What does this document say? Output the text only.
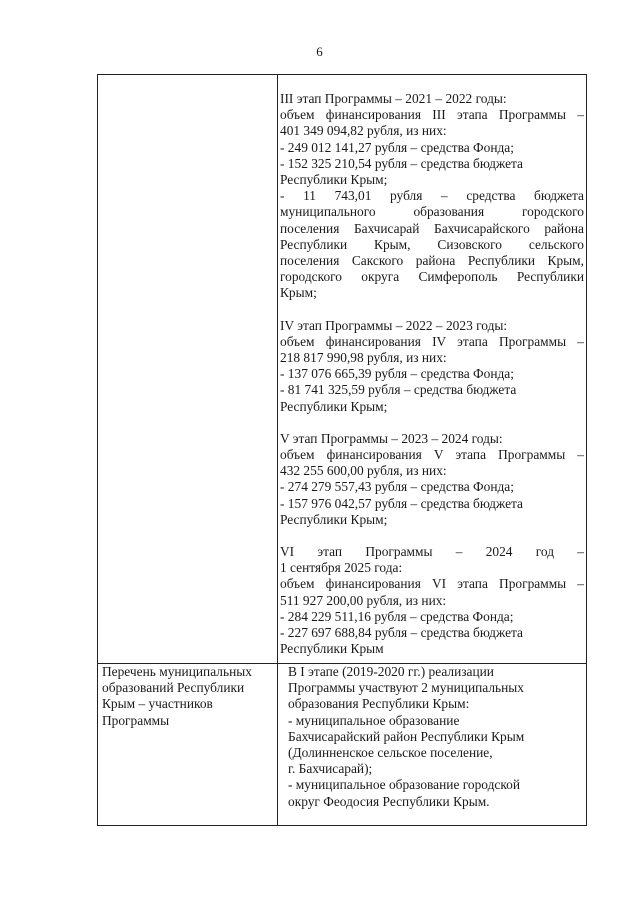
6

III этап Программы – 2021 – 2022 годы:

объем финансирования III этапа Программы –

401 349 094,82 рубля, из них:

- 249 012 141,27 рубля – средства Фонда;

- 152 325 210,54 рубля – средства бюджета

Республики Крым;

- 11 743,01 рубля – средства бюджета

муниципального образования городского

поселения Бахчисарай Бахчисарайского района

Республики Крым, Сизовского сельского

поселения Сакского района Республики Крым,

городского округа Симферополь Республики

Крым;

IV этап Программы – 2022 – 2023 годы:

объем финансирования IV этапа Программы –

218 817 990,98 рубля, из них:

- 137 076 665,39 рубля – средства Фонда;

- 81 741 325,59 рубля – средства бюджета

Республики Крым;

V этап Программы – 2023 – 2024 годы:

объем финансирования V этапа Программы –

432 255 600,00 рубля, из них:

- 274 279 557,43 рубля – средства Фонда;

- 157 976 042,57 рубля – средства бюджета

Республики Крым;

VI этап Программы – 2024 год –

1 сентября 2025 года:

объем финансирования VI этапа Программы –

511 927 200,00 рубля, из них:

- 284 229 511,16 рубля – средства Фонда;

- 227 697 688,84 рубля – средства бюджета

Республики Крым

Перечень муниципальных

образований Республики

Крым – участников

Программы

В I этапе (2019-2020 гг.) реализации

Программы участвуют 2 муниципальных

образования Республики Крым:

- муниципальное образование

Бахчисарайский район Республики Крым

(Долинненское сельское поселение,

г. Бахчисарай);

- муниципальное образование городской

округ Феодосия Республики Крым.
